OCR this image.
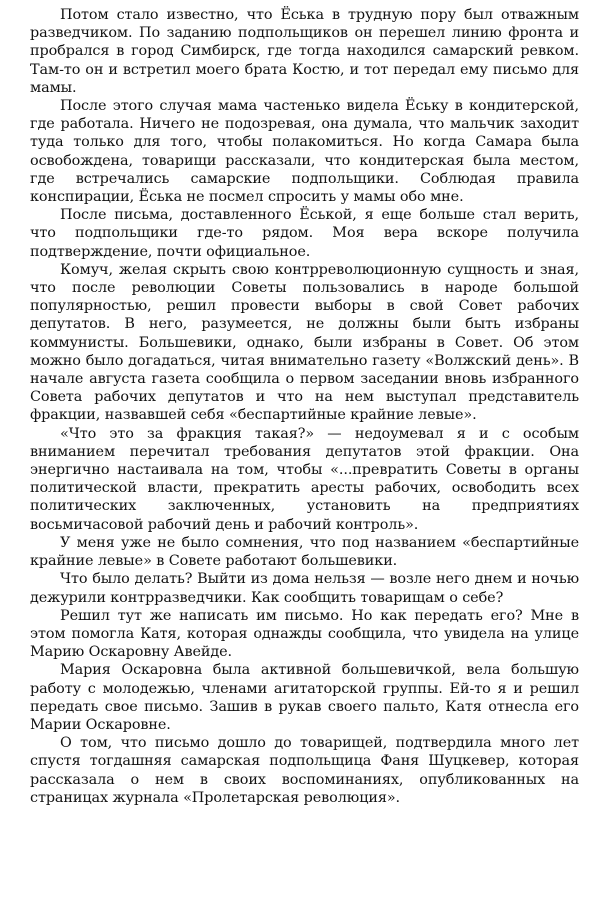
Потом стало известно, что Ёська в трудную пору был отважным разведчиком. По заданию подпольщиков он перешел линию фронта и пробрался в город Симбирск, где тогда находился самарский ревком. Там-то он и встретил моего брата Костю, и тот передал ему письмо для мамы.

После этого случая мама частенько видела Ёську в кондитерской, где работала. Ничего не подозревая, она думала, что мальчик заходит туда только для того, чтобы полакомиться. Но когда Самара была освобождена, товарищи рассказали, что кондитерская была местом, где встречались самарские подпольщики. Соблюдая правила конспирации, Ёська не посмел спросить у мамы обо мне.

После письма, доставленного Ёськой, я еще больше стал верить, что подпольщики где-то рядом. Моя вера вскоре получила подтверждение, почти официальное.

Комуч, желая скрыть свою контрреволюционную сущность и зная, что после революции Советы пользовались в народе большой популярностью, решил провести выборы в свой Совет рабочих депутатов. В него, разумеется, не должны были быть избраны коммунисты. Большевики, однако, были избраны в Совет. Об этом можно было догадаться, читая внимательно газету «Волжский день». В начале августа газета сообщила о первом заседании вновь избранного Совета рабочих депутатов и что на нем выступал представитель фракции, назвавшей себя «беспартийные крайние левые».

«Что это за фракция такая?» — недоумевал я и с особым вниманием перечитал требования депутатов этой фракции. Она энергично настаивала на том, чтобы «...превратить Советы в органы политической власти, прекратить аресты рабочих, освободить всех политических заключенных, установить на предприятиях восьмичасовой рабочий день и рабочий контроль».

У меня уже не было сомнения, что под названием «беспартийные крайние левые» в Совете работают большевики.

Что было делать? Выйти из дома нельзя — возле него днем и ночью дежурили контрразведчики. Как сообщить товарищам о себе?

Решил тут же написать им письмо. Но как передать его? Мне в этом помогла Катя, которая однажды сообщила, что увидела на улице Марию Оскаровну Авейде.

Мария Оскаровна была активной большевичкой, вела большую работу с молодежью, членами агитаторской группы. Ей-то я и решил передать свое письмо. Зашив в рукав своего пальто, Катя отнесла его Марии Оскаровне.

О том, что письмо дошло до товарищей, подтвердила много лет спустя тогдашняя самарская подпольщица Фаня Шуцкевер, которая рассказала о нем в своих воспоминаниях, опубликованных на страницах журнала «Пролетарская революция».
